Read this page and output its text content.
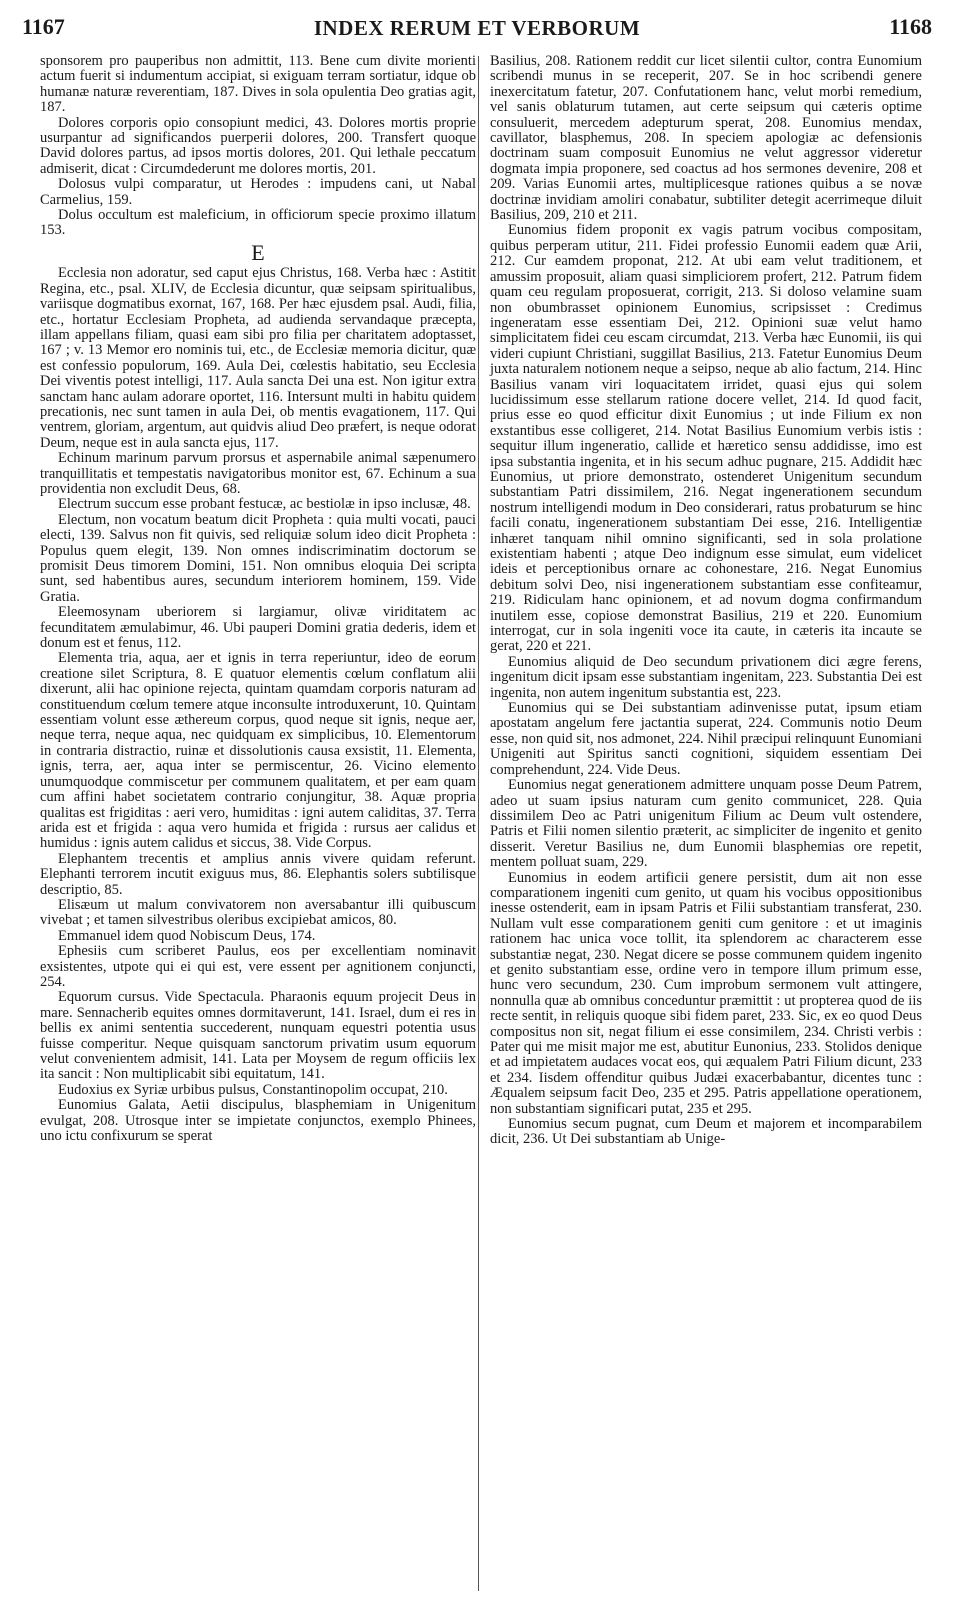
1167	INDEX RERUM ET VERBORUM	1168

sponsorem pro pauperibus non admittit, 113. Bene cum divite morienti actum fuerit si indumentum accipiat, si exiguam terram sortiatur, idque ob humanæ naturæ reverentiam, 187. Dives in sola opulentia Deo gratias agit, 187.

Dolores corporis opio consopiunt medici, 43. Dolores mortis proprie usurpantur ad significandos puerperii dolores, 200. Transfert quoque David dolores partus, ad ipsos mortis dolores, 201. Qui lethale peccatum admiserit, dicat : Circumdederunt me dolores mortis, 201.

Dolosus vulpi comparatur, ut Herodes : impudens cani, ut Nabal Carmelius, 159.

Dolus occultum est maleficium, in officiorum specie proximo illatum 153.

E

Ecclesia non adoratur, sed caput ejus Christus, 168. Verba hæc : Astitit Regina, etc., psal. XLIV, de Ecclesia dicuntur, quæ seipsam spiritualibus, variisque dogmatibus exornat, 167, 168. Per hæc ejusdem psal. Audi, filia, etc., hortatur Ecclesiam Propheta, ad audienda servandaque præcepta, illam appellans filiam, quasi eam sibi pro filia per charitatem adoptasset, 167 ; v. 13 Memor ero nominis tui, etc., de Ecclesiæ memoria dicitur, quæ est confessio populorum, 169. Aula Dei, cœlestis habitatio, seu Ecclesia Dei viventis potest intelligi, 117. Aula sancta Dei una est. Non igitur extra sanctam hanc aulam adorare oportet, 116. Intersunt multi in habitu quidem precationis, nec sunt tamen in aula Dei, ob mentis evagationem, 117. Qui ventrem, gloriam, argentum, aut quidvis aliud Deo præfert, is neque odorat Deum, neque est in aula sancta ejus, 117.

Echinum marinum parvum prorsus et aspernabile animal sæpenumero tranquillitatis et tempestatis navigatoribus monitor est, 67. Echinum a sua providentia non excludit Deus, 68.

Electrum succum esse probant festucæ, ac bestiolæ in ipso inclusæ, 48.

Electum, non vocatum beatum dicit Propheta : quia multi vocati, pauci electi, 139. Salvus non fit quivis, sed reliquiæ solum ideo dicit Propheta : Populus quem elegit, 139. Non omnes indiscriminatim doctorum se promisit Deus timorem Domini, 151. Non omnibus eloquia Dei scripta sunt, sed habentibus aures, secundum interiorem hominem, 159. Vide Gratia.

Eleemosynam uberiorem si largiamur, olivæ viriditatem ac fecunditatem æmulabimur, 46. Ubi pauperi Domini gratia dederis, idem et donum est et fenus, 112.

Elementa tria, aqua, aer et ignis in terra reperiuntur, ideo de eorum creatione silet Scriptura, 8. E quatuor elementis cœlum conflatum alii dixerunt, alii hac opinione rejecta, quintam quamdam corporis naturam ad constituendum cœlum temere atque inconsulte introduxerunt, 10. Quintam essentiam volunt esse æthereum corpus, quod neque sit ignis, neque aer, neque terra, neque aqua, nec quidquam ex simplicibus, 10. Elementorum in contraria distractio, ruinæ et dissolutionis causa exsistit, 11. Elementa, ignis, terra, aer, aqua inter se permiscentur, 26. Vicino elemento unumquodque commiscetur per communem qualitatem, et per eam quam cum affini habet societatem contrario conjungitur, 38. Aquæ propria qualitas est frigiditas : aeri vero, humiditas : igni autem caliditas, 37. Terra arida est et frigida : aqua vero humida et frigida : rursus aer calidus et humidus : ignis autem calidus et siccus, 38. Vide Corpus.

Elephantem trecentis et amplius annis vivere quidam referunt. Elephanti terrorem incutit exiguus mus, 86. Elephantis solers subtilisque descriptio, 85.

Elisæum ut malum convivatorem non aversabantur illi quibuscum vivebat ; et tamen silvestribus oleribus excipiebat amicos, 80.

Emmanuel idem quod Nobiscum Deus, 174.

Ephesiis cum scriberet Paulus, eos per excellentiam nominavit exsistentes, utpote qui ei qui est, vere essent per agnitionem conjuncti, 254.

Equorum cursus. Vide Spectacula. Pharaonis equum projecit Deus in mare. Sennacherib equites omnes dormitaverunt, 141. Israel, dum ei res in bellis ex animi sententia succederent, nunquam equestri potentia usus fuisse comperitur. Neque quisquam sanctorum privatim usum equorum velut convenientem admisit, 141. Lata per Moysem de regum officiis lex ita sancit : Non multiplicabit sibi equitatum, 141.

Eudoxius ex Syriæ urbibus pulsus, Constantinopolim occupat, 210.

Eunomius Galata, Aetii discipulus, blasphemiam in Unigenitum evulgat, 208. Utrosque inter se impietate conjunctos, exemplo Phinees, uno ictu confixurum se sperat

Basilius, 208. Rationem reddit cur licet silentii cultor, contra Eunomium scribendi munus in se receperit, 207. Se in hoc scribendi genere inexercitatum fatetur, 207. Confutationem hanc, velut morbi remedium, vel sanis oblaturum tutamen, aut certe seipsum qui cæteris optime consuluerit, mercedem adepturum sperat, 208. Eunomius mendax, cavillator, blasphemus, 208. In speciem apologiæ ac defensionis doctrinam suam composuit Eunomius ne velut aggressor videretur dogmata impia proponere, sed coactus ad hos sermones devenire, 208 et 209. Varias Eunomii artes, multiplicesque rationes quibus a se novæ doctrinæ invidiam amoliri conabatur, subtiliter detegit acerrimeque diluit Basilius, 209, 210 et 211.

Eunomius fidem proponit ex vagis patrum vocibus compositam, quibus perperam utitur, 211. Fidei professio Eunomii eadem quæ Arii, 212. Cur eamdem proponat, 212. At ubi eam velut traditionem, et amussim proposuit, aliam quasi simpliciorem profert, 212. Patrum fidem quam ceu regulam proposuerat, corrigit, 213. Si doloso velamine suam non obumbrasset opinionem Eunomius, scripsisset : Credimus ingeneratam esse essentiam Dei, 212. Opinioni suæ velut hamo simplicitatem fidei ceu escam circumdat, 213. Verba hæc Eunomii, iis qui videri cupiunt Christiani, suggillat Basilius, 213. Fatetur Eunomius Deum juxta naturalem notionem neque a seipso, neque ab alio factum, 214. Hinc Basilius vanam viri loquacitatem irridet, quasi ejus qui solem lucidissimum esse stellarum ratione docere vellet, 214. Id quod facit, prius esse eo quod efficitur dixit Eunomius ; ut inde Filium ex non exstantibus esse colligeret, 214. Notat Basilius Eunomium verbis istis : sequitur illum ingeneratio, callide et hæretico sensu addidisse, imo est ipsa substantia ingenita, et in his secum adhuc pugnare, 215. Addidit hæc Eunomius, ut priore demonstrato, ostenderet Unigenitum secundum substantiam Patri dissimilem, 216. Negat ingenerationem secundum nostrum intelligendi modum in Deo considerari, ratus probaturum se hinc facili conatu, ingenerationem substantiam Dei esse, 216. Intelligentiæ inhæret tanquam nihil omnino significanti, sed in sola prolatione existentiam habenti ; atque Deo indignum esse simulat, eum videlicet ideis et perceptionibus ornare ac cohonestare, 216. Negat Eunomius debitum solvi Deo, nisi ingenerationem substantiam esse confiteamur, 219. Ridiculam hanc opinionem, et ad novum dogma confirmandum inutilem esse, copiose demonstrat Basilius, 219 et 220. Eunomium interrogat, cur in sola ingeniti voce ita caute, in cæteris ita incaute se gerat, 220 et 221.

Eunomius aliquid de Deo secundum privationem dici ægre ferens, ingenitum dicit ipsam esse substantiam ingenitam, 223. Substantia Dei est ingenita, non autem ingenitum substantia est, 223.

Eunomius qui se Dei substantiam adinvenisse putat, ipsum etiam apostatam angelum fere jactantia superat, 224. Communis notio Deum esse, non quid sit, nos admonet, 224. Nihil præcipui relinquunt Eunomiani Unigeniti aut Spiritus sancti cognitioni, siquidem essentiam Dei comprehendunt, 224. Vide Deus.

Eunomius negat generationem admittere unquam posse Deum Patrem, adeo ut suam ipsius naturam cum genito communicet, 228. Quia dissimilem Deo ac Patri unigenitum Filium ac Deum vult ostendere, Patris et Filii nomen silentio præterit, ac simpliciter de ingenito et genito disserit. Veretur Basilius ne, dum Eunomii blasphemias ore repetit, mentem polluat suam, 229.

Eunomius in eodem artificii genere persistit, dum ait non esse comparationem ingeniti cum genito, ut quam his vocibus oppositionibus inesse ostenderit, eam in ipsam Patris et Filii substantiam transferat, 230. Nullam vult esse comparationem geniti cum genitore : et ut imaginis rationem hac unica voce tollit, ita splendorem ac characterem esse substantiæ negat, 230. Negat dicere se posse communem quidem ingenito et genito substantiam esse, ordine vero in tempore illum primum esse, hunc vero secundum, 230. Cum improbum sermonem vult attingere, nonnulla quæ ab omnibus conceduntur præmittit : ut propterea quod de iis recte sentit, in reliquis quoque sibi fidem paret, 233. Sic, ex eo quod Deus compositus non sit, negat filium ei esse consimilem, 234. Christi verbis : Pater qui me misit major me est, abutitur Eunonius, 233. Stolidos denique et ad impietatem audaces vocat eos, qui æqualem Patri Filium dicunt, 233 et 234. Iisdem offenditur quibus Judæi exacerbabantur, dicentes tunc : Æqualem seipsum facit Deo, 235 et 295. Patris appellatione operationem, non substantiam significari putat, 235 et 295.

Eunomius secum pugnat, cum Deum et majorem et incomparabilem dicit, 236. Ut Dei substantiam ab Unige-
